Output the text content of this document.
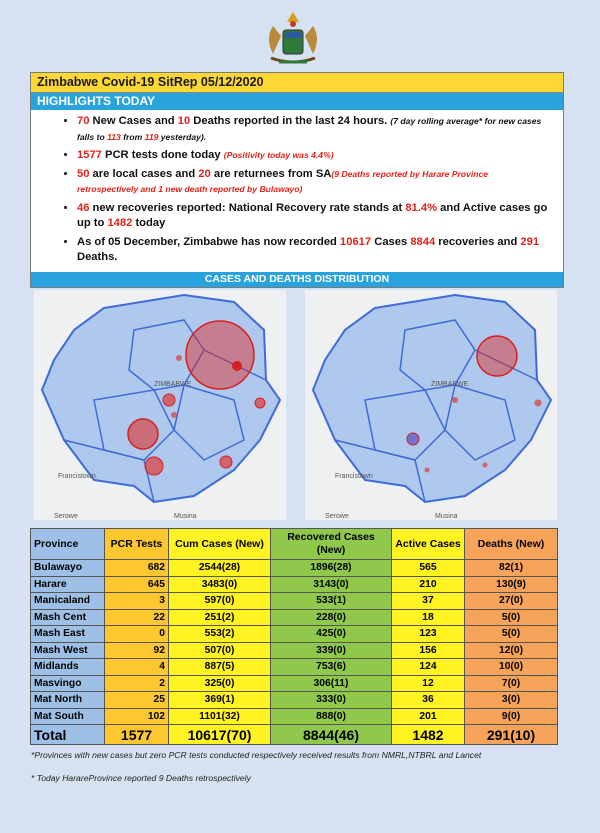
Zimbabwe Covid-19 SitRep 05/12/2020
HIGHLIGHTS TODAY
• 70 New Cases and 10 Deaths reported in the last 24 hours. (7 day rolling average* for new cases falls to 113 from 119 yesterday).
• 1577 PCR tests done today (Positivity today was 4.4%)
• 50 are local cases and 20 are returnees from SA(9 Deaths reported by Harare Province retrospectively and 1 new death reported by Bulawayo)
• 46 new recoveries reported: National Recovery rate stands at 81.4% and Active cases go up to 1482 today
• As of 05 December, Zimbabwe has now recorded 10617 Cases 8844 recoveries and 291 Deaths.
CASES AND DEATHS DISTRIBUTION
ZIMBABWE
Francistown
Serowe	Musina
ZIMBABWE
Francistown
Serowe	Musina
Province	PCR Tests	Cum Cases (New)	Recovered Cases (New)	Active Cases	Deaths (New)
Bulawayo	682	2544(28)	1896(28)	565	82(1)
Harare	645	3483(0)	3143(0)	210	130(9)
Manicaland	3	597(0)	533(1)	37	27(0)
Mash Cent	22	251(2)	228(0)	18	5(0)
Mash East	0	553(2)	425(0)	123	5(0)
Mash West	92	507(0)	339(0)	156	12(0)
Midlands	4	887(5)	753(6)	124	10(0)
Masvingo	2	325(0)	306(11)	12	7(0)
Mat North	25	369(1)	333(0)	36	3(0)
Mat South	102	1101(32)	888(0)	201	9(0)
Total	1577	10617(70)	8844(46)	1482	291(10)
*Provinces with new cases but zero PCR tests conducted respectively received results from NMRL,NTBRL and Lancet
* Today HarareProvince reported 9 Deaths retrospectively
